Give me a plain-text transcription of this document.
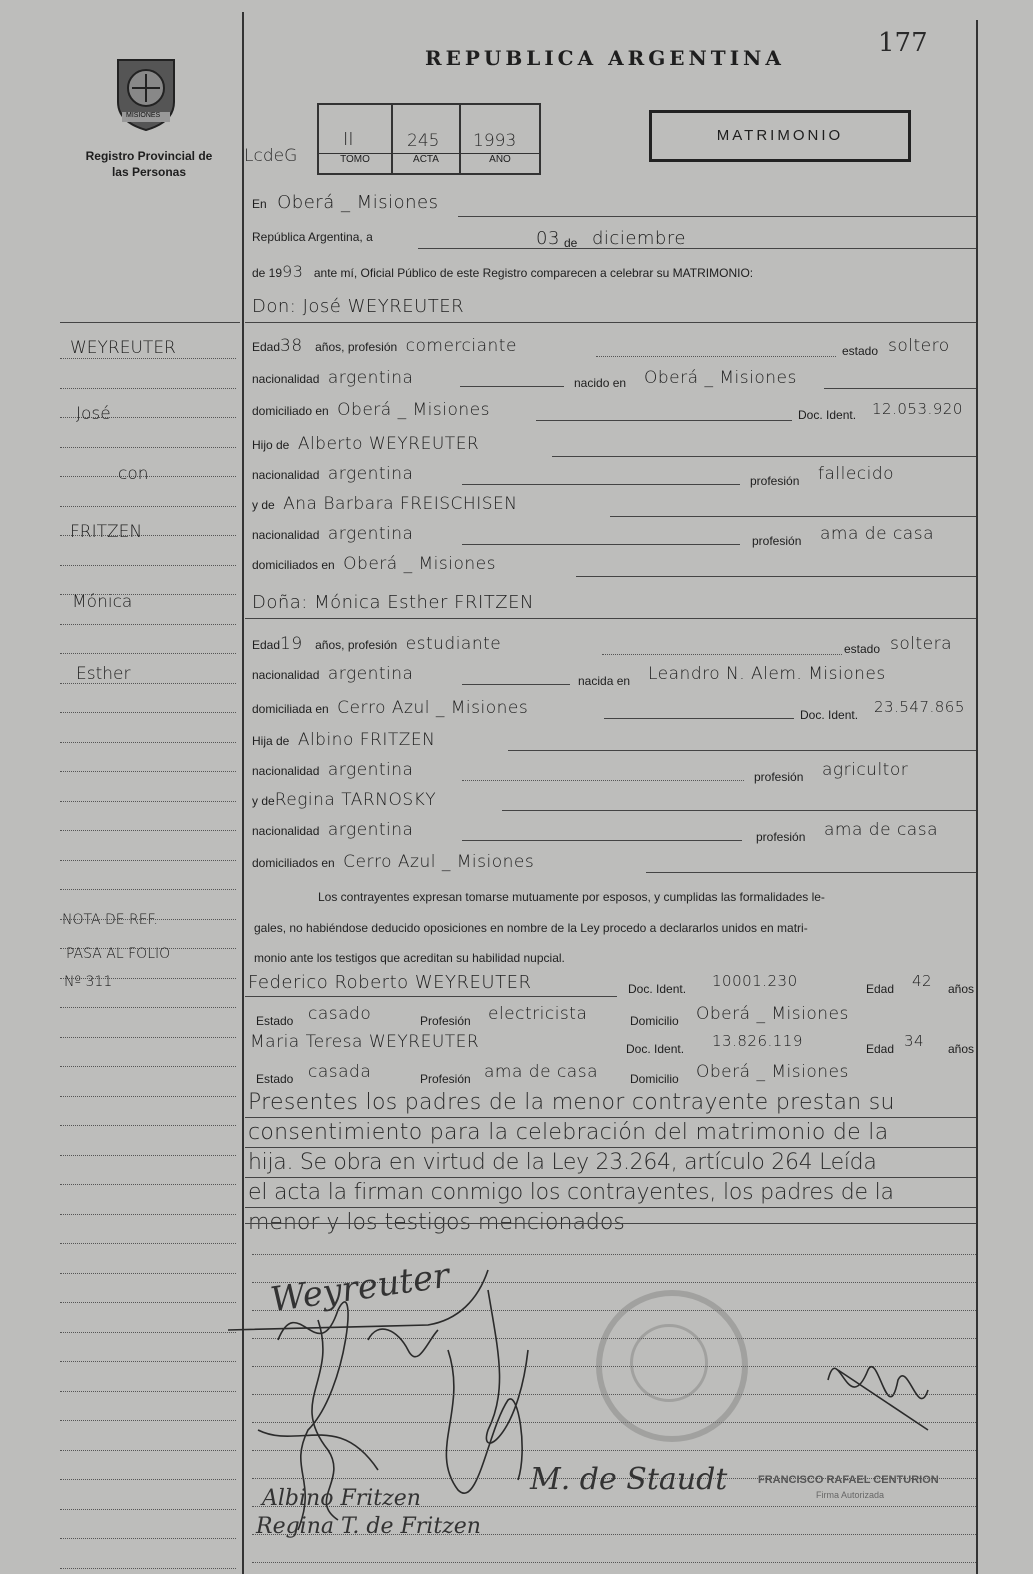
MISIONES
Registro Provincial de las Personas
REPUBLICA ARGENTINA	177
LcdeG
II
TOMO
245
ACTA
1993
AÑO
MATRIMONIO
En Oberá _ Misiones
República Argentina, a	03 de diciembre
de 1993 ante mí, Oficial Público de este Registro comparecen a celebrar su MATRIMONIO:
Don: José WEYREUTER
Edad38 años, profesión comerciante	estado soltero
nacionalidad argentina	nacido en Oberá _ Misiones
domiciliado en Oberá _ Misiones	Doc. Ident. 12.053.920
Hijo de Alberto WEYREUTER
nacionalidad argentina	profesión fallecido
y de Ana Barbara FREISCHISEN
nacionalidad argentina	profesión ama de casa
domiciliados en Oberá _ Misiones
Doña: Mónica Esther FRITZEN
Edad19 años, profesión estudiante	estado soltera
nacionalidad argentina	nacida en Leandro N. Alem. Misiones
domiciliada en Cerro Azul _ Misiones	Doc. Ident. 23.547.865
Hija de Albino FRITZEN
nacionalidad argentina	profesión agricultor
y deRegina TARNOSKY
nacionalidad argentina	profesión ama de casa
domiciliados en Cerro Azul _ Misiones
Los contrayentes expresan tomarse mutuamente por esposos, y cumplidas las formalidades le-
gales, no habiéndose deducido oposiciones en nombre de la Ley procedo a declararlos unidos en matri-
monio ante los testigos que acreditan su habilidad nupcial.
Federico Roberto WEYREUTER	Doc. Ident. 10001.230	Edad 42 años
Estado casado	Profesión electricista	Domicilio Oberá _ Misiones
Maria Teresa WEYREUTER	Doc. Ident. 13.826.119	Edad 34 años
Estado casada	Profesión ama de casa	Domicilio Oberá _ Misiones
Presentes los padres de la menor contrayente prestan su
consentimiento para la celebración del matrimonio de la
hija. Se obra en virtud de la Ley 23.264, artículo 264 Leída
el acta la firman conmigo los contrayentes, los padres de la
menor y los testigos mencionados
Weyreuter
Albino Fritzen
Regina T. de Fritzen
M. de Staudt	FRANCISCO RAFAEL CENTURION
Firma Autorizada
WEYREUTER
José
con
FRITZEN
Mónica
Esther
NOTA DE REF.
PASA AL FOLIO
Nº 311
